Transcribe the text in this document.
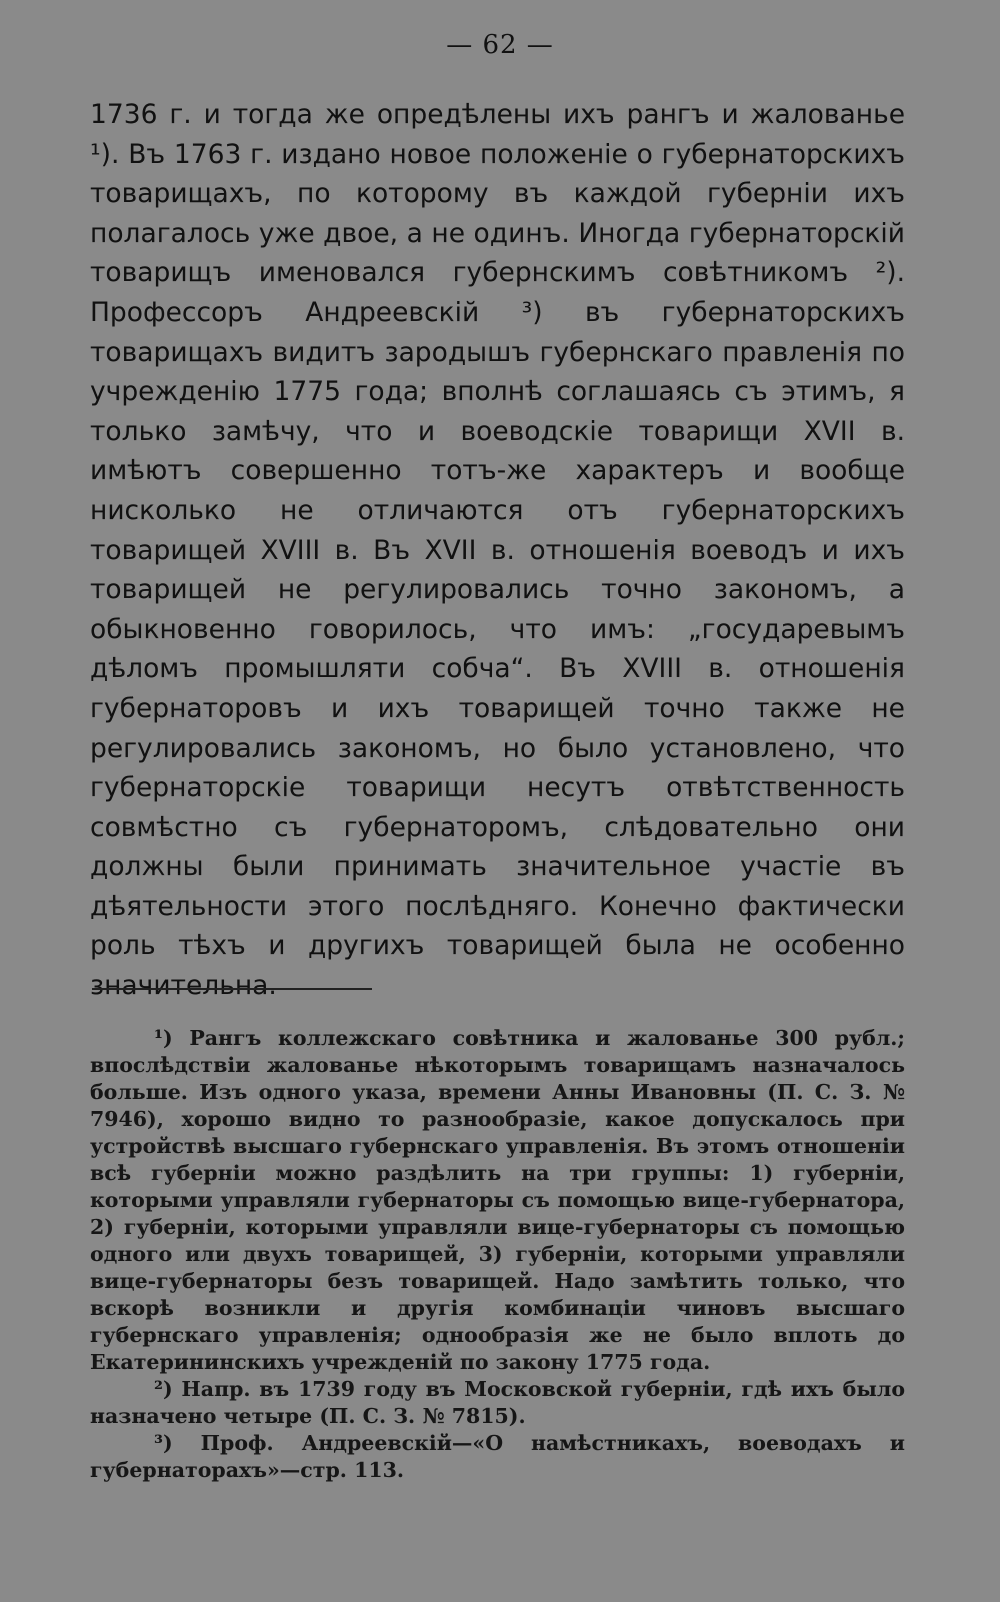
— 62 —

1736 г. и тогда же опредѣлены ихъ рангъ и жалованье ¹). Въ 1763 г. издано новое положеніе о губернаторскихъ товарищахъ, по которому въ каждой губерніи ихъ полагалось уже двое, а не одинъ. Иногда губернаторскій товарищъ именовался губернскимъ совѣтникомъ ²). Профессоръ Андреевскій ³) въ губернаторскихъ товарищахъ видитъ зародышъ губернскаго правленія по учрежденію 1775 года; вполнѣ соглашаясь съ этимъ, я только замѣчу, что и воеводскіе товарищи XVII в. имѣютъ совершенно тотъ-же характеръ и вообще нисколько не отличаются отъ губернаторскихъ товарищей XVIII в. Въ XVII в. отношенія воеводъ и ихъ товарищей не регулировались точно закономъ, а обыкновенно говорилось, что имъ: „государевымъ дѣломъ промышляти собча“. Въ XVIII в. отношенія губернаторовъ и ихъ товарищей точно также не регулировались закономъ, но было установлено, что губернаторскіе товарищи несутъ отвѣтственность совмѣстно съ губернаторомъ, слѣдовательно они должны были принимать значительное участіе въ дѣятельности этого послѣдняго. Конечно фактически роль тѣхъ и другихъ товарищей была не особенно значительна.

¹) Рангъ коллежскаго совѣтника и жалованье 300 рубл.; впослѣдствіи жалованье нѣкоторымъ товарищамъ назначалось больше. Изъ одного указа, времени Анны Ивановны (П. С. З. № 7946), хорошо видно то разнообразіе, какое допускалось при устройствѣ высшаго губернскаго управленія. Въ этомъ отношеніи всѣ губерніи можно раздѣлить на три группы: 1) губерніи, которыми управляли губернаторы съ помощью вице-губернатора, 2) губерніи, которыми управляли вице-губернаторы съ помощью одного или двухъ товарищей, 3) губерніи, которыми управляли вице-губернаторы безъ товарищей. Надо замѣтить только, что вскорѣ возникли и другія комбинаціи чиновъ высшаго губернскаго управленія; однообразія же не было вплоть до Екатерининскихъ учрежденій по закону 1775 года.

²) Напр. въ 1739 году въ Московской губерніи, гдѣ ихъ было назначено четыре (П. С. З. № 7815).

³) Проф. Андреевскій—«О намѣстникахъ, воеводахъ и губернаторахъ»—стр. 113.
